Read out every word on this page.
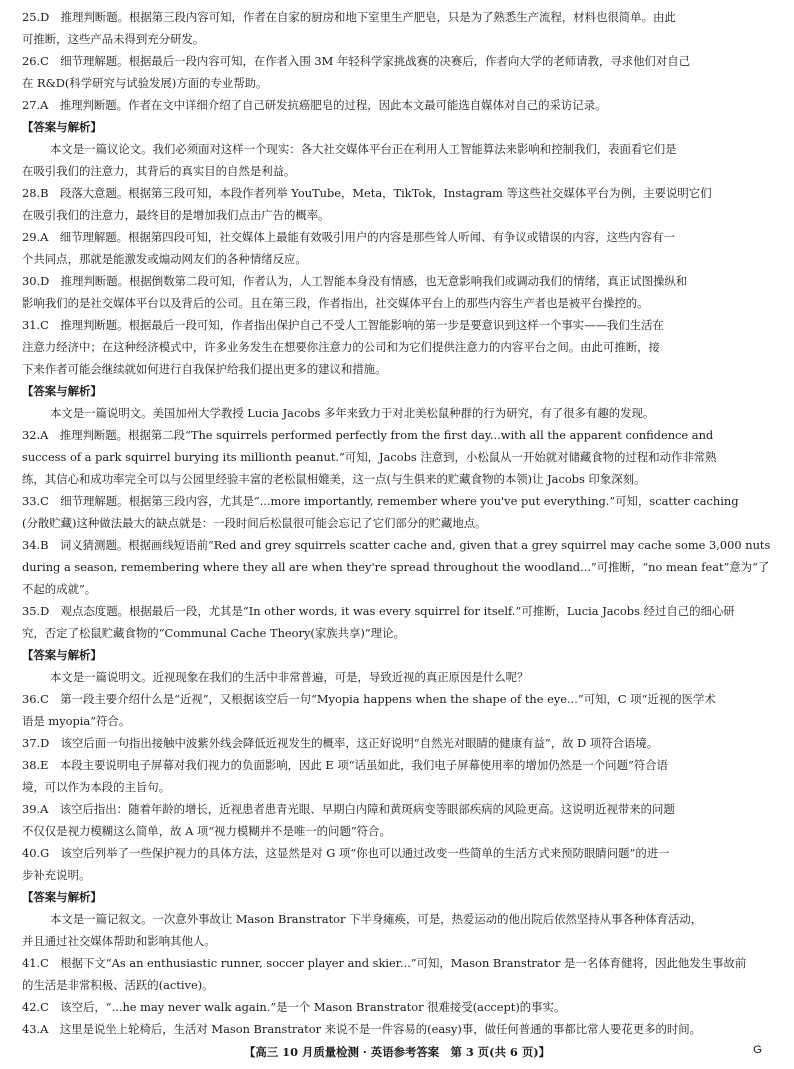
25.D　推理判断题。根据第三段内容可知，作者在自家的厨房和地下室里生产肥皂，只是为了熟悉生产流程，材料也很简单。由此
可推断，这些产品未得到充分研发。
26.C　细节理解题。根据最后一段内容可知，在作者入围 3M 年轻科学家挑战赛的决赛后，作者向大学的老师请教，寻求他们对自己
在 R&D(科学研究与试验发展)方面的专业帮助。
27.A　推理判断题。作者在文中详细介绍了自己研发抗癌肥皂的过程，因此本文最可能选自媒体对自己的采访记录。
【答案与解析】
本文是一篇议论文。我们必须面对这样一个现实：各大社交媒体平台正在利用人工智能算法来影响和控制我们，表面看它们是
在吸引我们的注意力，其背后的真实目的自然是利益。
28.B　段落大意题。根据第三段可知，本段作者列举 YouTube，Meta，TikTok，Instagram 等这些社交媒体平台为例，主要说明它们
在吸引我们的注意力，最终目的是增加我们点击广告的概率。
29.A　细节理解题。根据第四段可知，社交媒体上最能有效吸引用户的内容是那些耸人听闻、有争议或错误的内容，这些内容有一
个共同点，那就是能激发或煽动网友们的各种情绪反应。
30.D　推理判断题。根据倒数第二段可知，作者认为，人工智能本身没有情感，也无意影响我们或调动我们的情绪，真正试图操纵和
影响我们的是社交媒体平台以及背后的公司。且在第三段，作者指出，社交媒体平台上的那些内容生产者也是被平台操控的。
31.C　推理判断题。根据最后一段可知，作者指出保护自己不受人工智能影响的第一步是要意识到这样一个事实——我们生活在
注意力经济中；在这种经济模式中，许多业务发生在想要你注意力的公司和为它们提供注意力的内容平台之间。由此可推断，接
下来作者可能会继续就如何进行自我保护给我们提出更多的建议和措施。
【答案与解析】
本文是一篇说明文。美国加州大学教授 Lucia Jacobs 多年来致力于对北美松鼠种群的行为研究，有了很多有趣的发现。
32.A　推理判断题。根据第二段“The squirrels performed perfectly from the first day...with all the apparent confidence and
success of a park squirrel burying its millionth peanut.”可知，Jacobs 注意到，小松鼠从一开始就对储藏食物的过程和动作非常熟
练，其信心和成功率完全可以与公园里经验丰富的老松鼠相媲美，这一点(与生俱来的贮藏食物的本领)让 Jacobs 印象深刻。
33.C　细节理解题。根据第三段内容，尤其是“...more importantly, remember where you've put everything.”可知，scatter caching
(分散贮藏)这种做法最大的缺点就是：一段时间后松鼠很可能会忘记了它们部分的贮藏地点。
34.B　词义猜测题。根据画线短语前“Red and grey squirrels scatter cache and, given that a grey squirrel may cache some 3,000 nuts
during a season, remembering where they all are when they're spread throughout the woodland...”可推断，“no mean feat”意为“了
不起的成就”。
35.D　观点态度题。根据最后一段，尤其是“In other words, it was every squirrel for itself.”可推断，Lucia Jacobs 经过自己的细心研
究，否定了松鼠贮藏食物的“Communal Cache Theory(家族共享)”理论。
【答案与解析】
本文是一篇说明文。近视现象在我们的生活中非常普遍，可是，导致近视的真正原因是什么呢？
36.C　第一段主要介绍什么是“近视”，又根据该空后一句“Myopia happens when the shape of the eye...”可知，C 项“近视的医学术
语是 myopia”符合。
37.D　该空后面一句指出接触中波紫外线会降低近视发生的概率，这正好说明“自然光对眼睛的健康有益”，故 D 项符合语境。
38.E　本段主要说明电子屏幕对我们视力的负面影响，因此 E 项“话虽如此，我们电子屏幕使用率的增加仍然是一个问题”符合语
境，可以作为本段的主旨句。
39.A　该空后指出：随着年龄的增长，近视患者患青光眼、早期白内障和黄斑病变等眼部疾病的风险更高。这说明近视带来的问题
不仅仅是视力模糊这么简单，故 A 项“视力模糊并不是唯一的问题”符合。
40.G　该空后列举了一些保护视力的具体方法，这显然是对 G 项“你也可以通过改变一些简单的生活方式来预防眼睛问题”的进一
步补充说明。
【答案与解析】
本文是一篇记叙文。一次意外事故让 Mason Branstrator 下半身瘫痪，可是，热爱运动的他出院后依然坚持从事各种体育活动，
并且通过社交媒体帮助和影响其他人。
41.C　根据下文“As an enthusiastic runner, soccer player and skier...”可知，Mason Branstrator 是一名体育健将，因此他发生事故前
的生活是非常积极、活跃的(active)。
42.C　该空后，“...he may never walk again.”是一个 Mason Branstrator 很难接受(accept)的事实。
43.A　这里是说坐上轮椅后，生活对 Mason Branstrator 来说不是一件容易的(easy)事，做任何普通的事都比常人要花更多的时间。
【高三 10 月质量检测 · 英语参考答案　第 3 页(共 6 页)】	G
